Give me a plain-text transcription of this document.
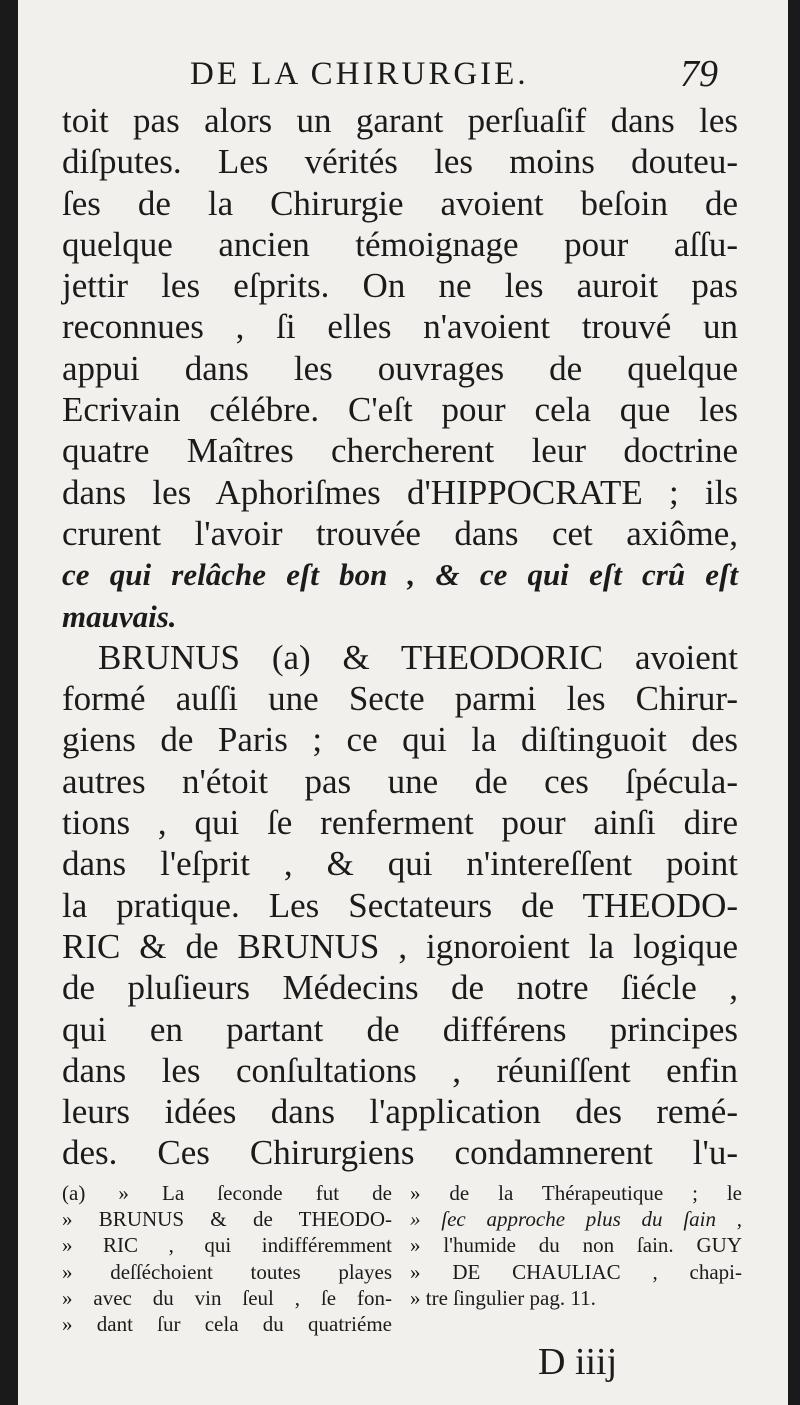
DE LA CHIRURGIE.	79
toit pas alors un garant perſuaſif dans les
diſputes. Les vérités les moins douteu-
ſes de la Chirurgie avoient beſoin de
quelque ancien témoignage pour aſſu-
jettir les eſprits. On ne les auroit pas
reconnues , ſi elles n'avoient trouvé un
appui dans les ouvrages de quelque
Ecrivain célébre. C'eſt pour cela que les
quatre Maîtres chercherent leur doctrine
dans les Aphoriſmes d'HIPPOCRATE ; ils
crurent l'avoir trouvée dans cet axiôme,
ce qui relâche eſt bon , & ce qui eſt crû eſt
mauvais.
BRUNUS (a) & THEODORIC avoient
formé auſſi une Secte parmi les Chirur-
giens de Paris ; ce qui la diſtinguoit des
autres n'étoit pas une de ces ſpécula-
tions , qui ſe renferment pour ainſi dire
dans l'eſprit , & qui n'intereſſent point
la pratique. Les Sectateurs de THEODO-
RIC & de BRUNUS , ignoroient la logique
de pluſieurs Médecins de notre ſiécle ,
qui en partant de différens principes
dans les conſultations , réuniſſent enfin
leurs idées dans l'application des remé-
des. Ces Chirurgiens condamnerent l'u-
(a) » La ſeconde fut de
» BRUNUS & de THEODO-
» RIC , qui indifféremment
» deſſéchoient toutes playes
» avec du vin ſeul , ſe fon-
» dant ſur cela du quatriéme
» de la Thérapeutique ; le
» ſec approche plus du ſain ,
» l'humide du non ſain. GUY
» DE CHAULIAC , chapi-
» tre ſingulier pag. 11.
D iiij
